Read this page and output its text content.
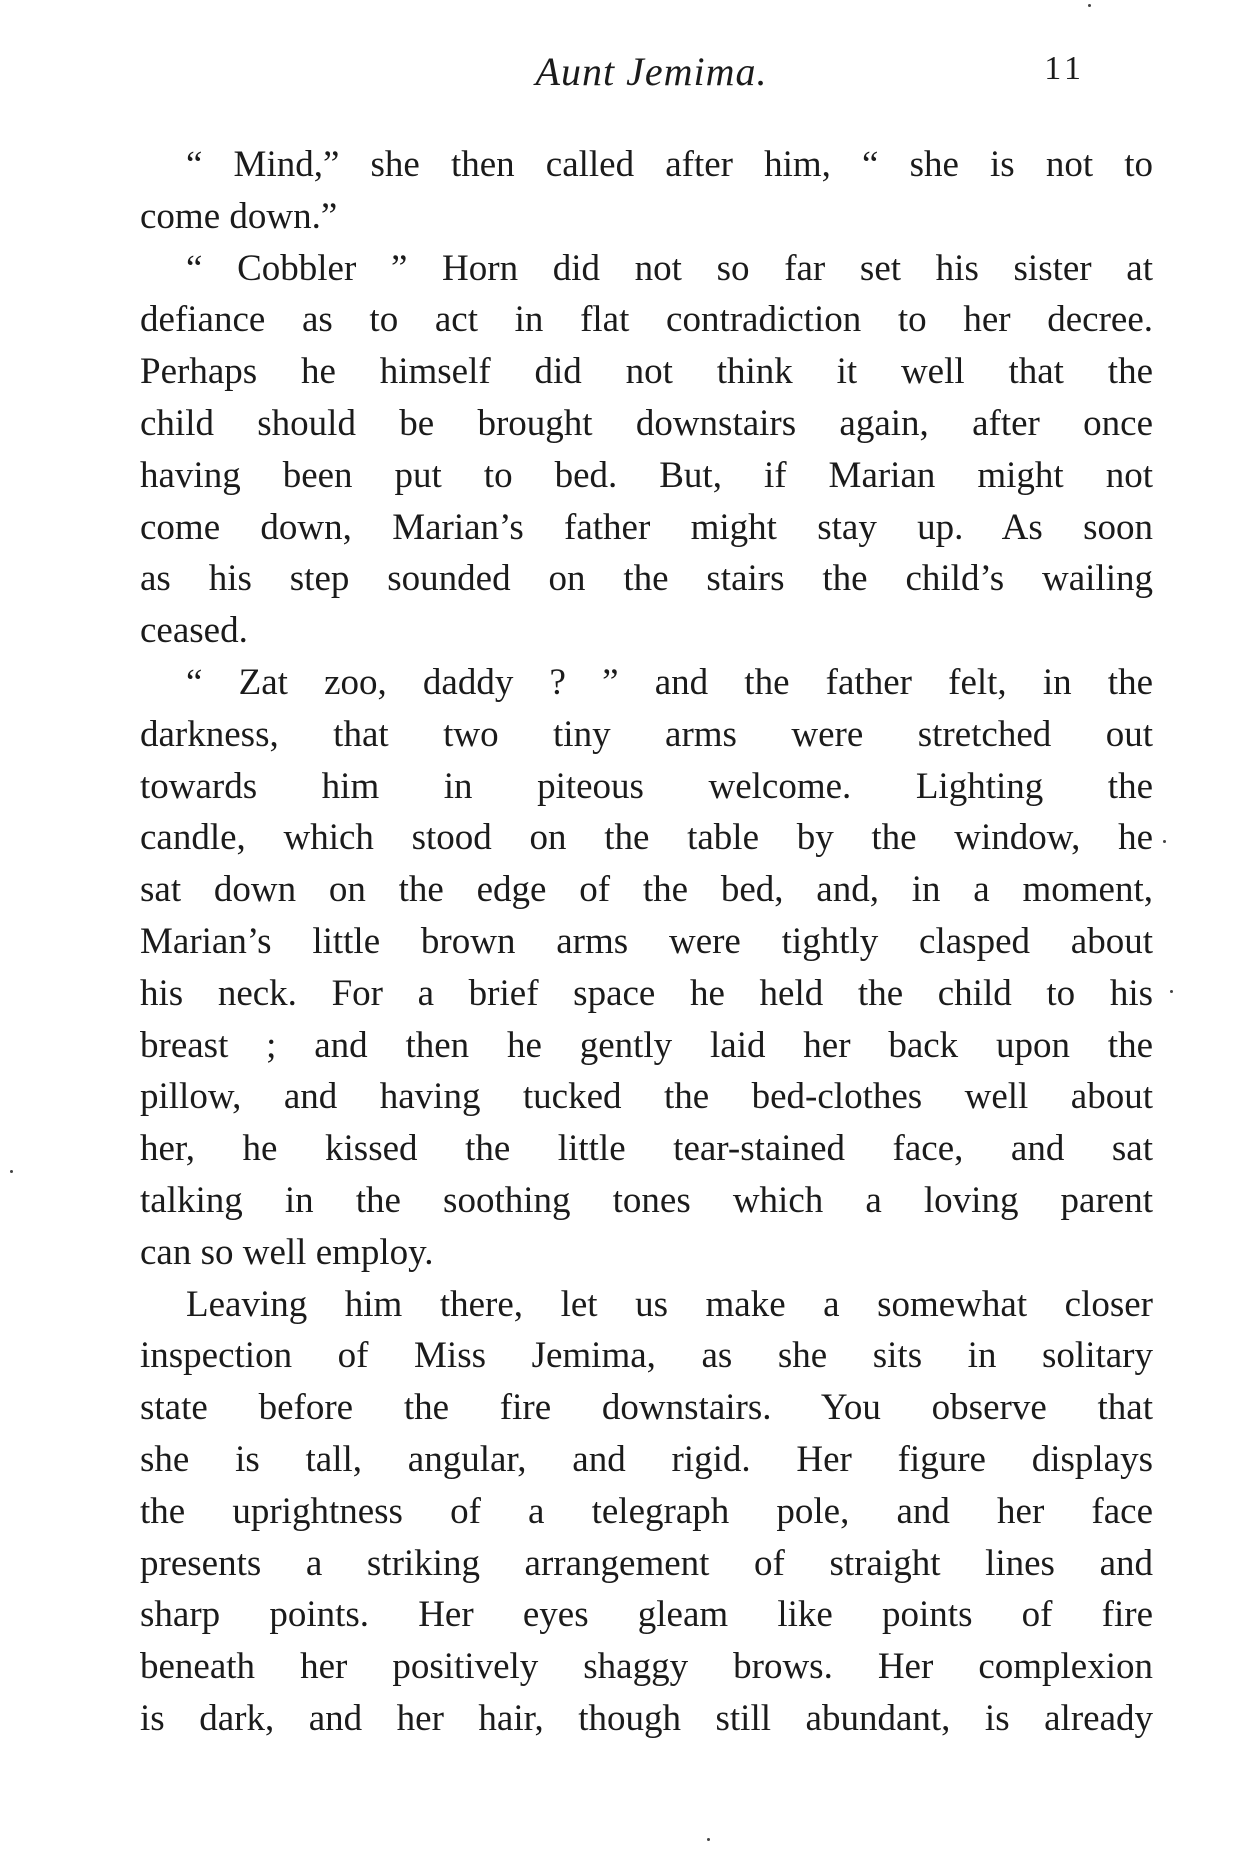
Aunt Jemima.	11
“ Mind,” she then called after him, “ she is not to
come down.”
“ Cobbler ” Horn did not so far set his sister at
defiance as to act in flat contradiction to her decree.
Perhaps he himself did not think it well that the
child should be brought downstairs again, after once
having been put to bed. But, if Marian might not
come down, Marian’s father might stay up. As soon
as his step sounded on the stairs the child’s wailing
ceased.
“ Zat zoo, daddy ? ” and the father felt, in the
darkness, that two tiny arms were stretched out
towards him in piteous welcome. Lighting the
candle, which stood on the table by the window, he
sat down on the edge of the bed, and, in a moment,
Marian’s little brown arms were tightly clasped about
his neck. For a brief space he held the child to his
breast ; and then he gently laid her back upon the
pillow, and having tucked the bed-clothes well about
her, he kissed the little tear-stained face, and sat
talking in the soothing tones which a loving parent
can so well employ.
Leaving him there, let us make a somewhat closer
inspection of Miss Jemima, as she sits in solitary
state before the fire downstairs. You observe that
she is tall, angular, and rigid. Her figure displays
the uprightness of a telegraph pole, and her face
presents a striking arrangement of straight lines and
sharp points. Her eyes gleam like points of fire
beneath her positively shaggy brows. Her complexion
is dark, and her hair, though still abundant, is already
